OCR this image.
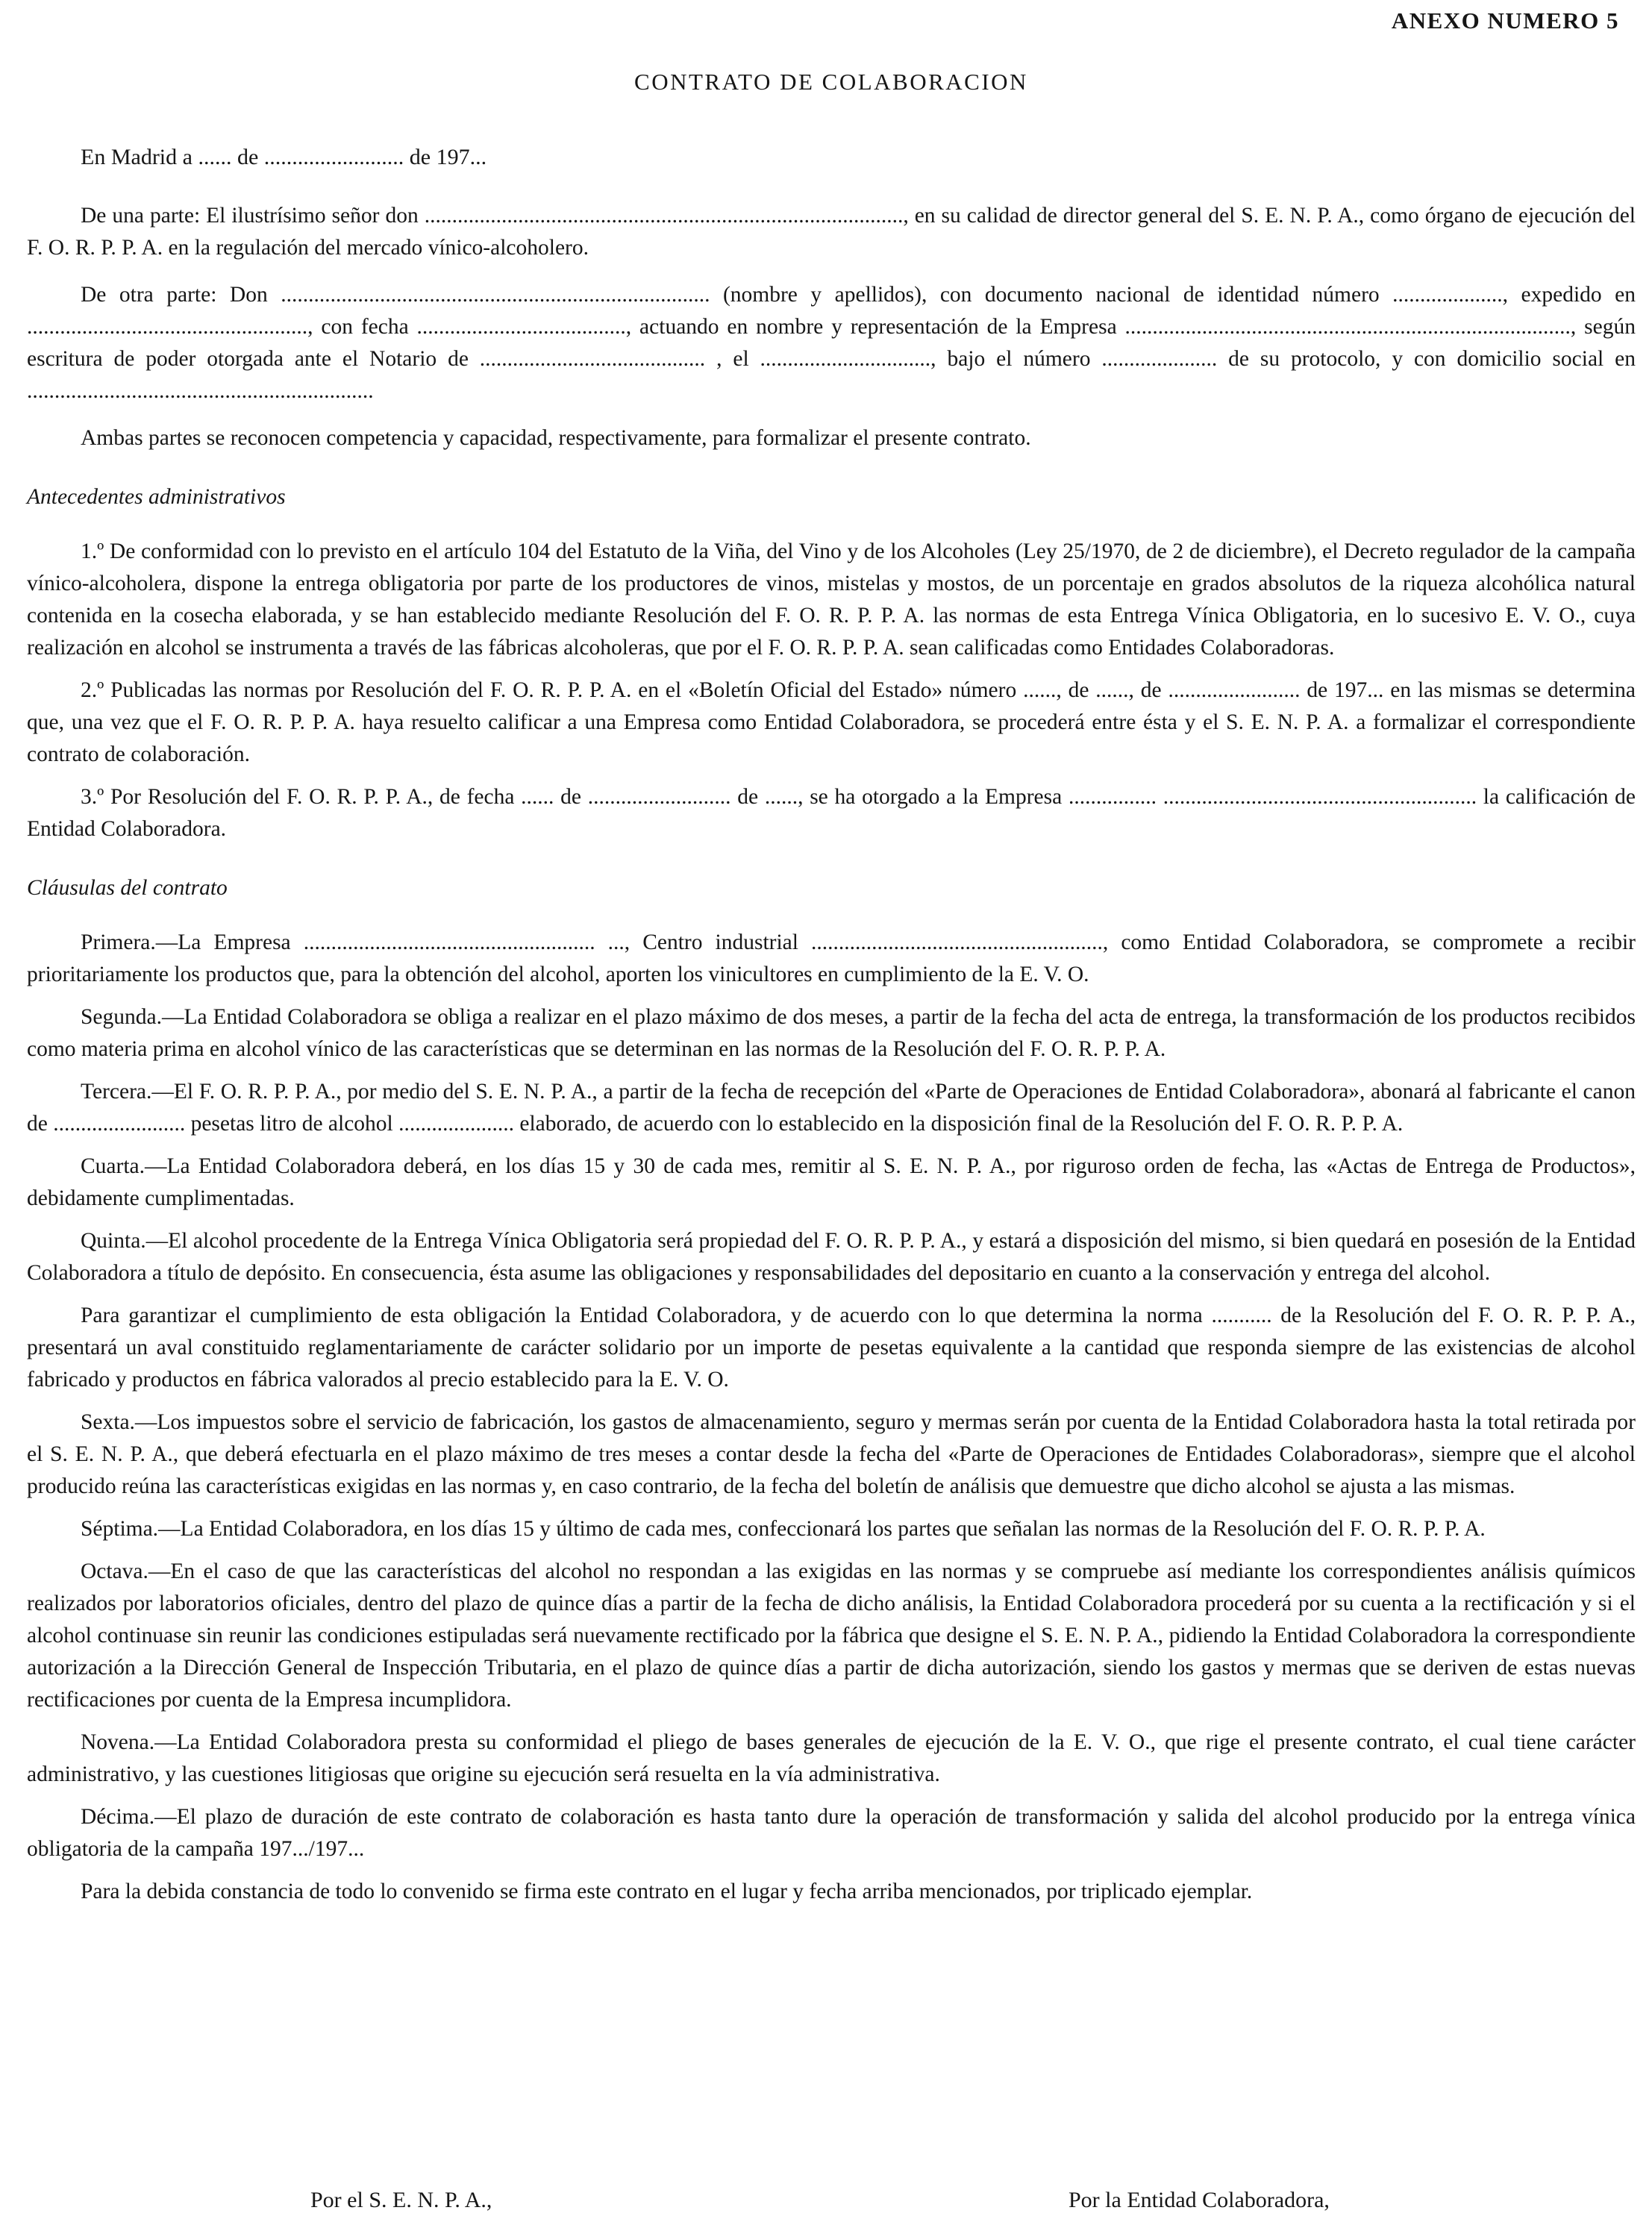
ANEXO NUMERO 5
CONTRATO DE COLABORACION
En Madrid a ...... de ......................... de 197...

De una parte: El ilustrísimo señor don ......................................................................................., en su calidad de director general del S. E. N. P. A., como órgano de ejecución del F. O. R. P. P. A. en la regulación del mercado vínico-alcoholero.

De otra parte: Don .............................................................................. (nombre y apellidos), con documento nacional de identidad número ...................., expedido en ..................................................., con fecha ......................................, actuando en nombre y representación de la Empresa ................................................................................., según escritura de poder otorgada ante el Notario de ......................................... , el ..............................., bajo el número ..................... de su protocolo, y con domicilio social en ...............................................................

Ambas partes se reconocen competencia y capacidad, respectivamente, para formalizar el presente contrato.

Antecedentes administrativos

1.º De conformidad con lo previsto en el artículo 104 del Estatuto de la Viña, del Vino y de los Alcoholes (Ley 25/1970, de 2 de diciembre), el Decreto regulador de la campaña vínico-alcoholera, dispone la entrega obligatoria por parte de los productores de vinos, mistelas y mostos, de un porcentaje en grados absolutos de la riqueza alcohólica natural contenida en la cosecha elaborada, y se han establecido mediante Resolución del F. O. R. P. P. A. las normas de esta Entrega Vínica Obligatoria, en lo sucesivo E. V. O., cuya realización en alcohol se instrumenta a través de las fábricas alcoholeras, que por el F. O. R. P. P. A. sean calificadas como Entidades Colaboradoras.

2.º Publicadas las normas por Resolución del F. O. R. P. P. A. en el «Boletín Oficial del Estado» número ......, de ......, de ........................ de 197... en las mismas se determina que, una vez que el F. O. R. P. P. A. haya resuelto calificar a una Empresa como Entidad Colaboradora, se procederá entre ésta y el S. E. N. P. A. a formalizar el correspondiente contrato de colaboración.

3.º Por Resolución del F. O. R. P. P. A., de fecha ...... de .......................... de ......, se ha otorgado a la Empresa ................ ......................................................... la calificación de Entidad Colaboradora.

Cláusulas del contrato

Primera.—La Empresa ..................................................... ..., Centro industrial ....................................................., como Entidad Colaboradora, se compromete a recibir prioritariamente los productos que, para la obtención del alcohol, aporten los vinicultores en cumplimiento de la E. V. O.

Segunda.—La Entidad Colaboradora se obliga a realizar en el plazo máximo de dos meses, a partir de la fecha del acta de entrega, la transformación de los productos recibidos como materia prima en alcohol vínico de las características que se determinan en las normas de la Resolución del F. O. R. P. P. A.

Tercera.—El F. O. R. P. P. A., por medio del S. E. N. P. A., a partir de la fecha de recepción del «Parte de Operaciones de Entidad Colaboradora», abonará al fabricante el canon de ........................ pesetas litro de alcohol ..................... elaborado, de acuerdo con lo establecido en la disposición final de la Resolución del F. O. R. P. P. A.

Cuarta.—La Entidad Colaboradora deberá, en los días 15 y 30 de cada mes, remitir al S. E. N. P. A., por riguroso orden de fecha, las «Actas de Entrega de Productos», debidamente cumplimentadas.

Quinta.—El alcohol procedente de la Entrega Vínica Obligatoria será propiedad del F. O. R. P. P. A., y estará a disposición del mismo, si bien quedará en posesión de la Entidad Colaboradora a título de depósito. En consecuencia, ésta asume las obligaciones y responsabilidades del depositario en cuanto a la conservación y entrega del alcohol.

Para garantizar el cumplimiento de esta obligación la Entidad Colaboradora, y de acuerdo con lo que determina la norma ........... de la Resolución del F. O. R. P. P. A., presentará un aval constituido reglamentariamente de carácter solidario por un importe de pesetas equivalente a la cantidad que responda siempre de las existencias de alcohol fabricado y productos en fábrica valorados al precio establecido para la E. V. O.

Sexta.—Los impuestos sobre el servicio de fabricación, los gastos de almacenamiento, seguro y mermas serán por cuenta de la Entidad Colaboradora hasta la total retirada por el S. E. N. P. A., que deberá efectuarla en el plazo máximo de tres meses a contar desde la fecha del «Parte de Operaciones de Entidades Colaboradoras», siempre que el alcohol producido reúna las características exigidas en las normas y, en caso contrario, de la fecha del boletín de análisis que demuestre que dicho alcohol se ajusta a las mismas.

Séptima.—La Entidad Colaboradora, en los días 15 y último de cada mes, confeccionará los partes que señalan las normas de la Resolución del F. O. R. P. P. A.

Octava.—En el caso de que las características del alcohol no respondan a las exigidas en las normas y se compruebe así mediante los correspondientes análisis químicos realizados por laboratorios oficiales, dentro del plazo de quince días a partir de la fecha de dicho análisis, la Entidad Colaboradora procederá por su cuenta a la rectificación y si el alcohol continuase sin reunir las condiciones estipuladas será nuevamente rectificado por la fábrica que designe el S. E. N. P. A., pidiendo la Entidad Colaboradora la correspondiente autorización a la Dirección General de Inspección Tributaria, en el plazo de quince días a partir de dicha autorización, siendo los gastos y mermas que se deriven de estas nuevas rectificaciones por cuenta de la Empresa incumplidora.

Novena.—La Entidad Colaboradora presta su conformidad el pliego de bases generales de ejecución de la E. V. O., que rige el presente contrato, el cual tiene carácter administrativo, y las cuestiones litigiosas que origine su ejecución será resuelta en la vía administrativa.

Décima.—El plazo de duración de este contrato de colaboración es hasta tanto dure la operación de transformación y salida del alcohol producido por la entrega vínica obligatoria de la campaña 197.../197...

Para la debida constancia de todo lo convenido se firma este contrato en el lugar y fecha arriba mencionados, por triplicado ejemplar.

Por el S. E. N. P. A.,	Por la Entidad Colaboradora,
